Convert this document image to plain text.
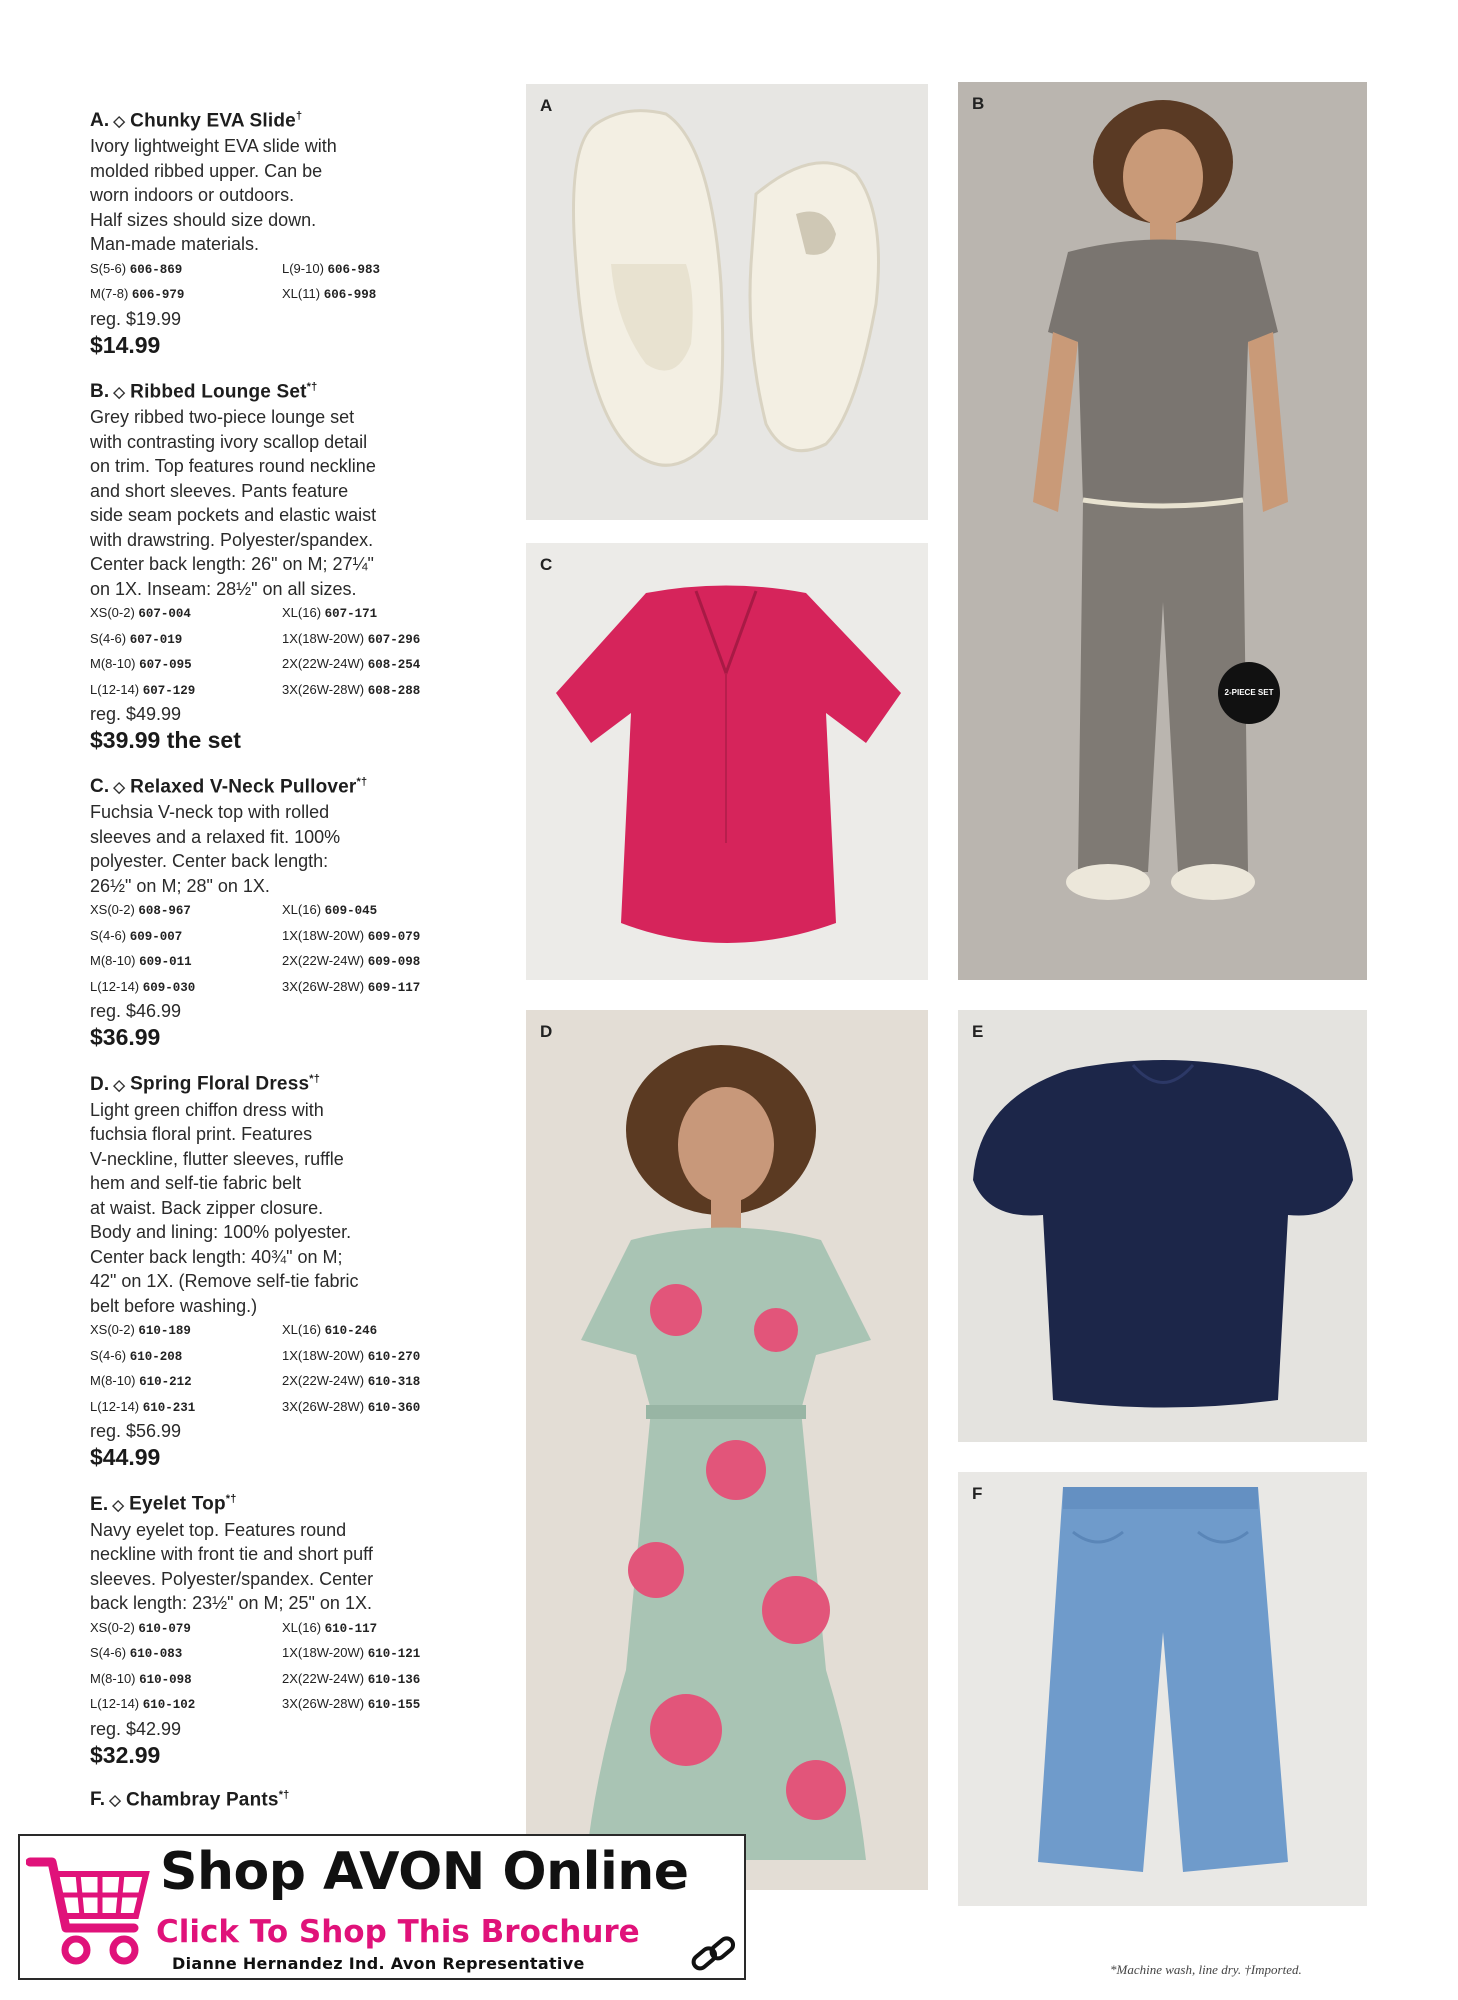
A. ◇ Chunky EVA Slide†
Ivory lightweight EVA slide with
molded ribbed upper. Can be
worn indoors or outdoors.
Half sizes should size down.
Man-made materials.
S(5-6) 606-869	L(9-10) 606-983
M(7-8) 606-979	XL(11) 606-998
reg. $19.99
$14.99
B. ◇ Ribbed Lounge Set*†
Grey ribbed two-piece lounge set
with contrasting ivory scallop detail
on trim. Top features round neckline
and short sleeves. Pants feature
side seam pockets and elastic waist
with drawstring. Polyester/spandex.
Center back length: 26" on M; 27¼"
on 1X. Inseam: 28½" on all sizes.
XS(0-2) 607-004	XL(16) 607-171
S(4-6) 607-019	1X(18W-20W) 607-296
M(8-10) 607-095	2X(22W-24W) 608-254
L(12-14) 607-129	3X(26W-28W) 608-288
reg. $49.99
$39.99 the set
C. ◇ Relaxed V-Neck Pullover*†
Fuchsia V-neck top with rolled
sleeves and a relaxed fit. 100%
polyester. Center back length:
26½" on M; 28" on 1X.
XS(0-2) 608-967	XL(16) 609-045
S(4-6) 609-007	1X(18W-20W) 609-079
M(8-10) 609-011	2X(22W-24W) 609-098
L(12-14) 609-030	3X(26W-28W) 609-117
reg. $46.99
$36.99
D. ◇ Spring Floral Dress*†
Light green chiffon dress with
fuchsia floral print. Features
V-neckline, flutter sleeves, ruffle
hem and self-tie fabric belt
at waist. Back zipper closure.
Body and lining: 100% polyester.
Center back length: 40¾" on M;
42" on 1X. (Remove self-tie fabric
belt before washing.)
XS(0-2) 610-189	XL(16) 610-246
S(4-6) 610-208	1X(18W-20W) 610-270
M(8-10) 610-212	2X(22W-24W) 610-318
L(12-14) 610-231	3X(26W-28W) 610-360
reg. $56.99
$44.99
E. ◇ Eyelet Top*†
Navy eyelet top. Features round
neckline with front tie and short puff
sleeves. Polyester/spandex. Center
back length: 23½" on M; 25" on 1X.
XS(0-2) 610-079	XL(16) 610-117
S(4-6) 610-083	1X(18W-20W) 610-121
M(8-10) 610-098	2X(22W-24W) 610-136
L(12-14) 610-102	3X(26W-28W) 610-155
reg. $42.99
$32.99
F. ◇ Chambray Pants*†
A	B
2-PIECE SET
C
D	E
F
*Machine wash, line dry. †Imported.
Shop AVON Online
Click To Shop This Brochure
Dianne Hernandez Ind. Avon Representative
